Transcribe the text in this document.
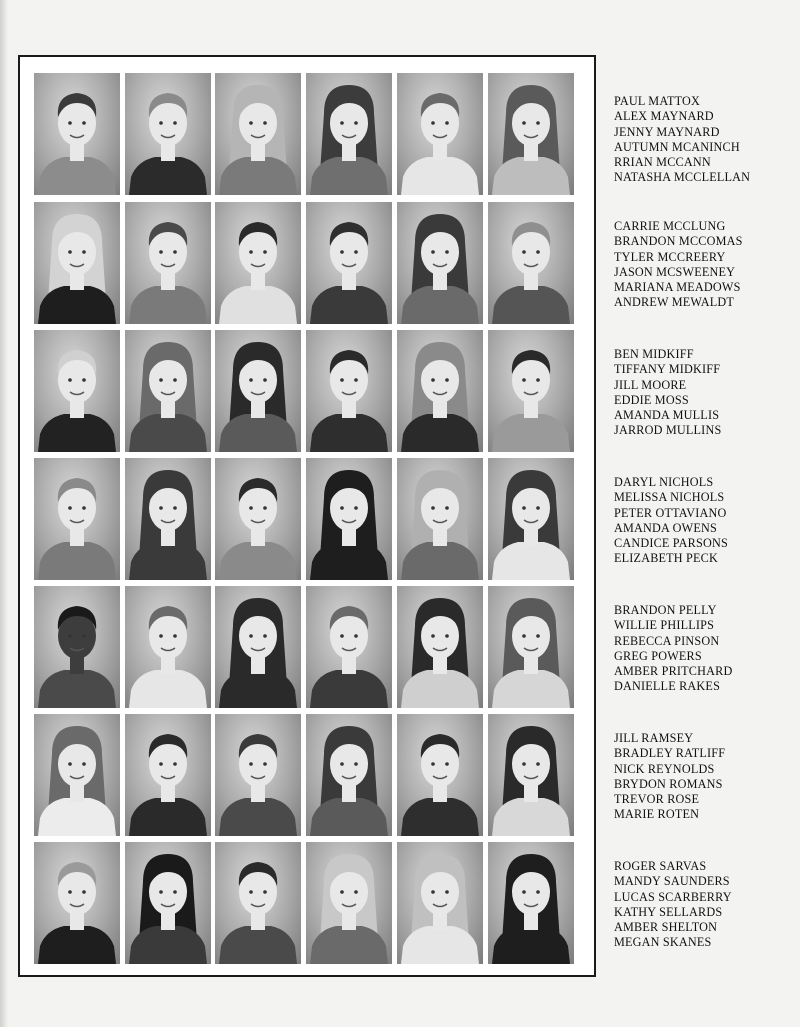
PAUL MATTOX
ALEX MAYNARD
JENNY MAYNARD
AUTUMN MCANINCH
RRIAN MCCANN
NATASHA MCCLELLAN
CARRIE MCCLUNG
BRANDON MCCOMAS
TYLER MCCREERY
JASON MCSWEENEY
MARIANA MEADOWS
ANDREW MEWALDT
BEN MIDKIFF
TIFFANY MIDKIFF
JILL MOORE
EDDIE MOSS
AMANDA MULLIS
JARROD MULLINS
DARYL NICHOLS
MELISSA NICHOLS
PETER OTTAVIANO
AMANDA OWENS
CANDICE PARSONS
ELIZABETH PECK
BRANDON PELLY
WILLIE PHILLIPS
REBECCA PINSON
GREG POWERS
AMBER PRITCHARD
DANIELLE RAKES
JILL RAMSEY
BRADLEY RATLIFF
NICK REYNOLDS
BRYDON ROMANS
TREVOR ROSE
MARIE ROTEN
ROGER SARVAS
MANDY SAUNDERS
LUCAS SCARBERRY
KATHY SELLARDS
AMBER SHELTON
MEGAN SKANES
